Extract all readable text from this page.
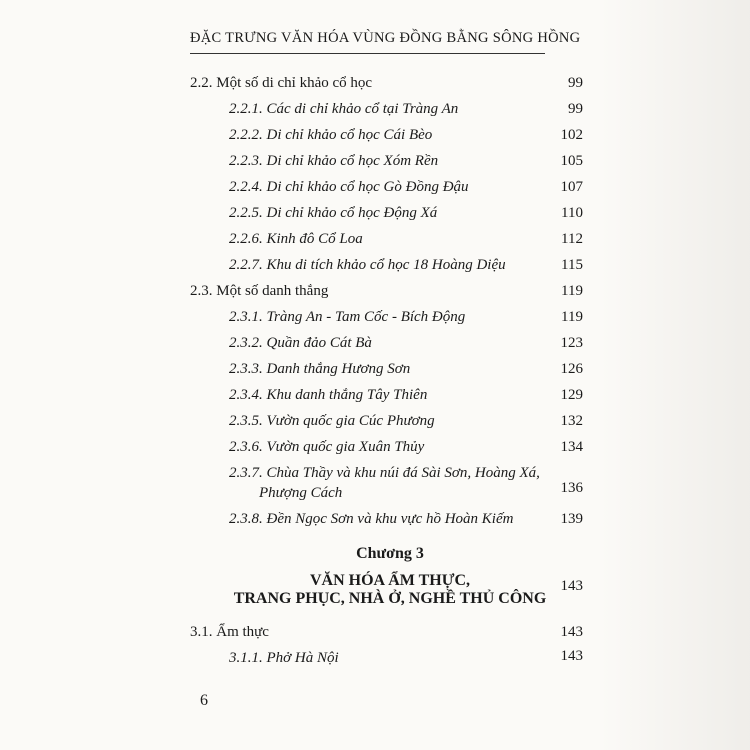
ĐẶC TRƯNG VĂN HÓA VÙNG ĐỒNG BẰNG SÔNG HỒNG
2.2. Một số di chỉ khảo cổ học	99
2.2.1. Các di chỉ khảo cổ tại Tràng An	99
2.2.2. Di chỉ khảo cổ học Cái Bèo	102
2.2.3. Di chỉ khảo cổ học Xóm Rền	105
2.2.4. Di chỉ khảo cổ học Gò Đồng Đậu	107
2.2.5. Di chỉ khảo cổ học Động Xá	110
2.2.6. Kinh đô Cổ Loa	112
2.2.7. Khu di tích khảo cổ học 18 Hoàng Diệu	115
2.3. Một số danh thắng	119
2.3.1. Tràng An - Tam Cốc - Bích Động	119
2.3.2. Quần đảo Cát Bà	123
2.3.3. Danh thắng Hương Sơn	126
2.3.4. Khu danh thắng Tây Thiên	129
2.3.5. Vườn quốc gia Cúc Phương	132
2.3.6. Vườn quốc gia Xuân Thủy	134
2.3.7. Chùa Thầy và khu núi đá Sài Sơn, Hoàng Xá,
Phượng Cách	136
2.3.8. Đền Ngọc Sơn và khu vực hồ Hoàn Kiếm	139
Chương 3
VĂN HÓA ẨM THỰC,
TRANG PHỤC, NHÀ Ở, NGHỀ THỦ CÔNG
143
3.1. Ẩm thực	143
3.1.1. Phở Hà Nội	143
6
